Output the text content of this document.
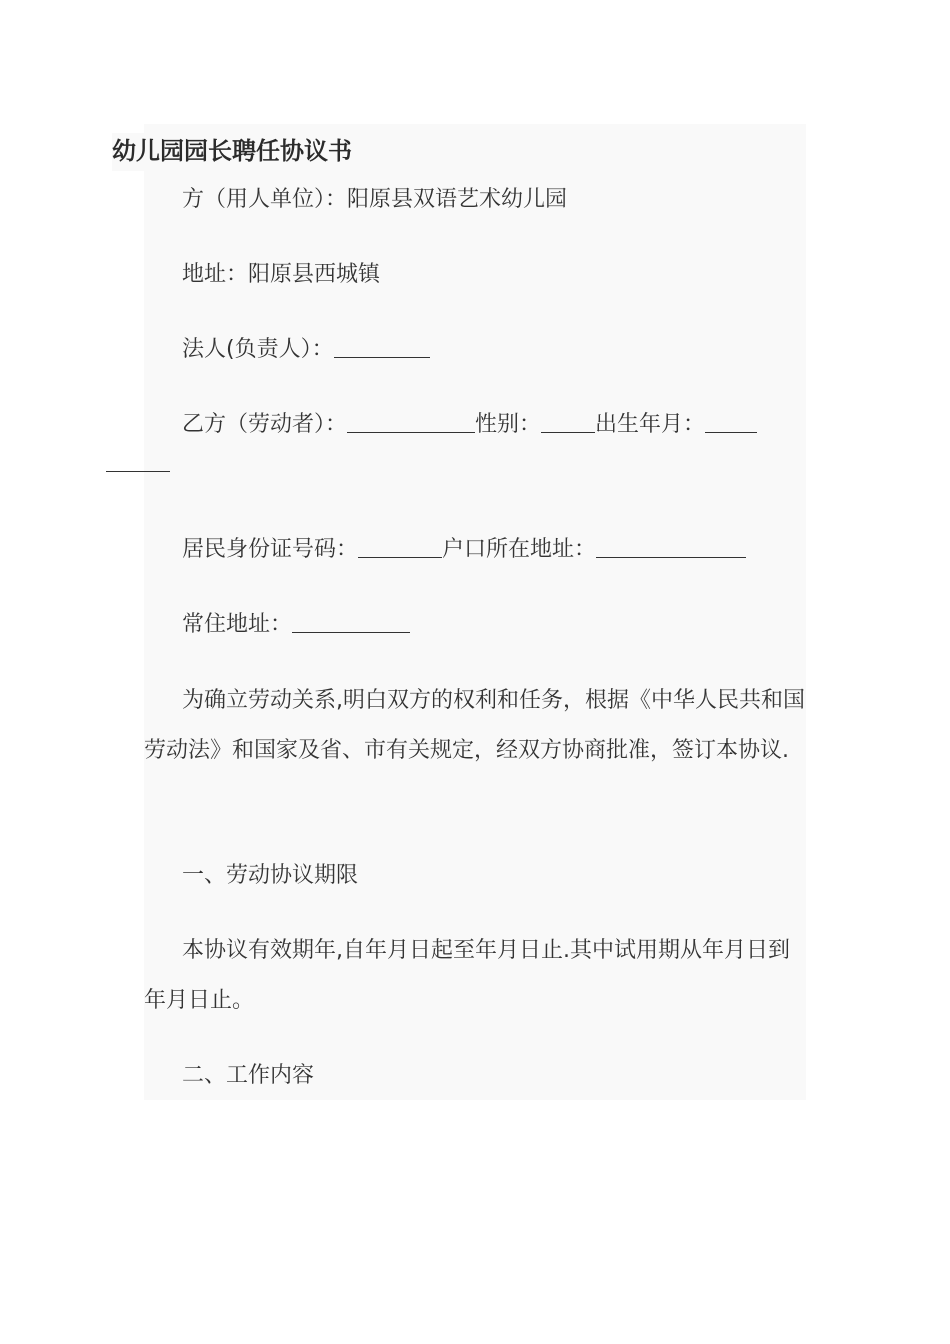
幼儿园园长聘任协议书

方（用人单位）：阳原县双语艺术幼儿园

地址：阳原县西城镇

法人(负责人）：

乙方（劳动者）：	性别： 出生年月：

居民身份证号码：	户口所在地址：

常住地址：

为确立劳动关系,明白双方的权利和任务，根据《中华人民共和国劳动法》和国家及省、市有关规定，经双方协商批准，签订本协议.

一、劳动协议期限

本协议有效期年,自年月日起至年月日止.其中试用期从年月日到年月日止。

二、工作内容
